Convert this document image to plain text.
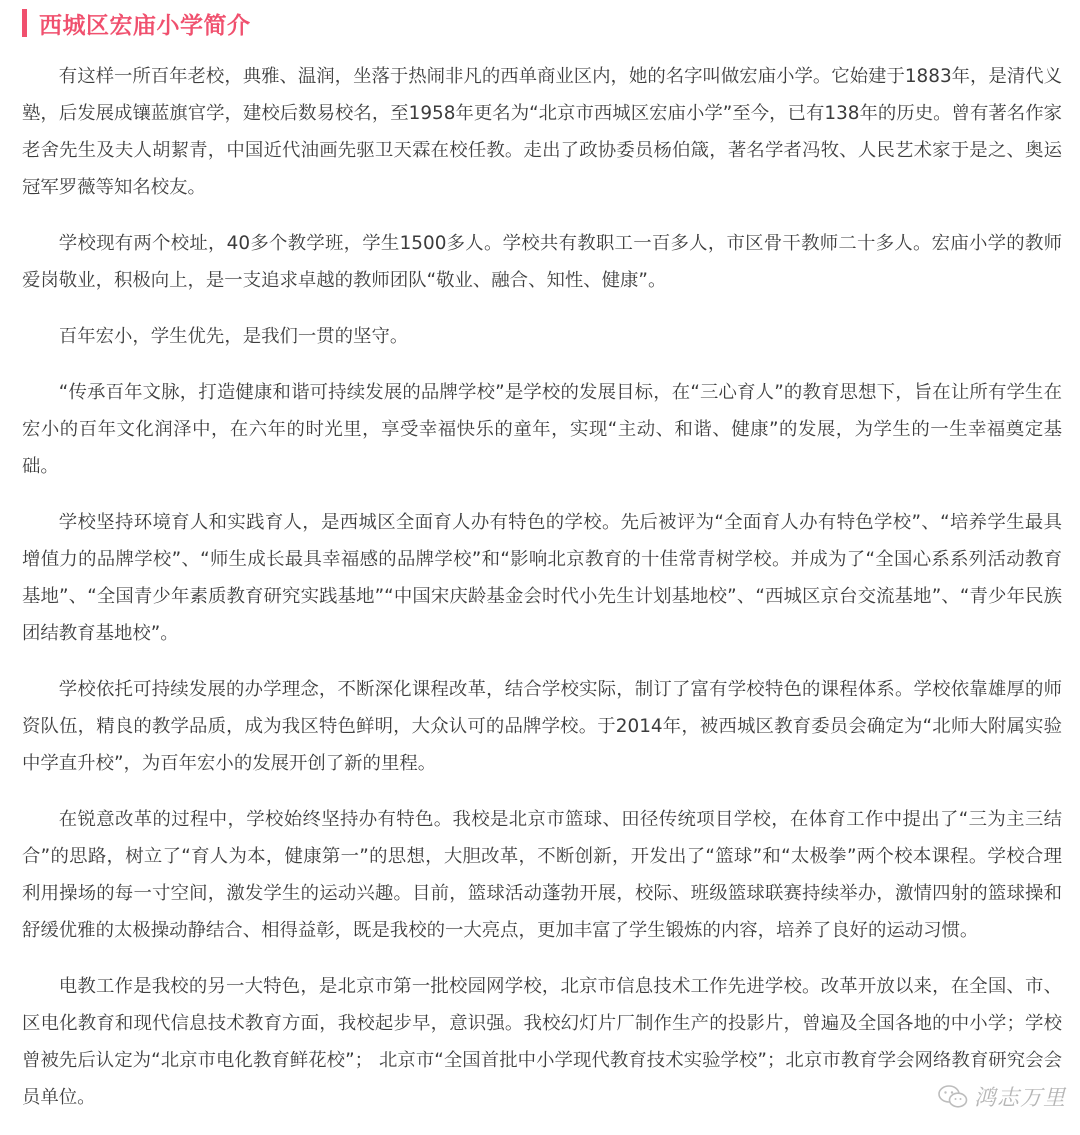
西城区宏庙小学简介

有这样一所百年老校，典雅、温润，坐落于热闹非凡的西单商业区内，她的名字叫做宏庙小学。它始建于1883年，是清代义塾，后发展成镶蓝旗官学，建校后数易校名，至1958年更名为“北京市西城区宏庙小学”至今，已有138年的历史。曾有著名作家老舍先生及夫人胡絜青，中国近代油画先驱卫天霖在校任教。走出了政协委员杨伯箴，著名学者冯牧、人民艺术家于是之、奥运冠军罗薇等知名校友。

学校现有两个校址，40多个教学班，学生1500多人。学校共有教职工一百多人，市区骨干教师二十多人。宏庙小学的教师爱岗敬业，积极向上，是一支追求卓越的教师团队“敬业、融合、知性、健康”。

百年宏小，学生优先，是我们一贯的坚守。

“传承百年文脉，打造健康和谐可持续发展的品牌学校”是学校的发展目标，在“三心育人”的教育思想下，旨在让所有学生在宏小的百年文化润泽中，在六年的时光里，享受幸福快乐的童年，实现“主动、和谐、健康”的发展，为学生的一生幸福奠定基础。

学校坚持环境育人和实践育人，是西城区全面育人办有特色的学校。先后被评为“全面育人办有特色学校”、“培养学生最具增值力的品牌学校”、“师生成长最具幸福感的品牌学校”和“影响北京教育的十佳常青树学校。并成为了“全国心系系列活动教育基地”、“全国青少年素质教育研究实践基地”“中国宋庆龄基金会时代小先生计划基地校”、“西城区京台交流基地”、“青少年民族团结教育基地校”。

学校依托可持续发展的办学理念，不断深化课程改革，结合学校实际，制订了富有学校特色的课程体系。学校依靠雄厚的师资队伍，精良的教学品质，成为我区特色鲜明，大众认可的品牌学校。于2014年，被西城区教育委员会确定为“北师大附属实验中学直升校”，为百年宏小的发展开创了新的里程。

在锐意改革的过程中，学校始终坚持办有特色。我校是北京市篮球、田径传统项目学校，在体育工作中提出了“三为主三结合”的思路，树立了“育人为本，健康第一”的思想，大胆改革，不断创新，开发出了“篮球”和“太极拳”两个校本课程。学校合理利用操场的每一寸空间，激发学生的运动兴趣。目前，篮球活动蓬勃开展，校际、班级篮球联赛持续举办，激情四射的篮球操和舒缓优雅的太极操动静结合、相得益彰，既是我校的一大亮点，更加丰富了学生锻炼的内容，培养了良好的运动习惯。

电教工作是我校的另一大特色，是北京市第一批校园网学校，北京市信息技术工作先进学校。改革开放以来，在全国、市、区电化教育和现代信息技术教育方面，我校起步早，意识强。我校幻灯片厂制作生产的投影片，曾遍及全国各地的中小学；学校曾被先后认定为“北京市电化教育鲜花校”； 北京市“全国首批中小学现代教育技术实验学校”；北京市教育学会网络教育研究会会员单位。	鸿志万里
